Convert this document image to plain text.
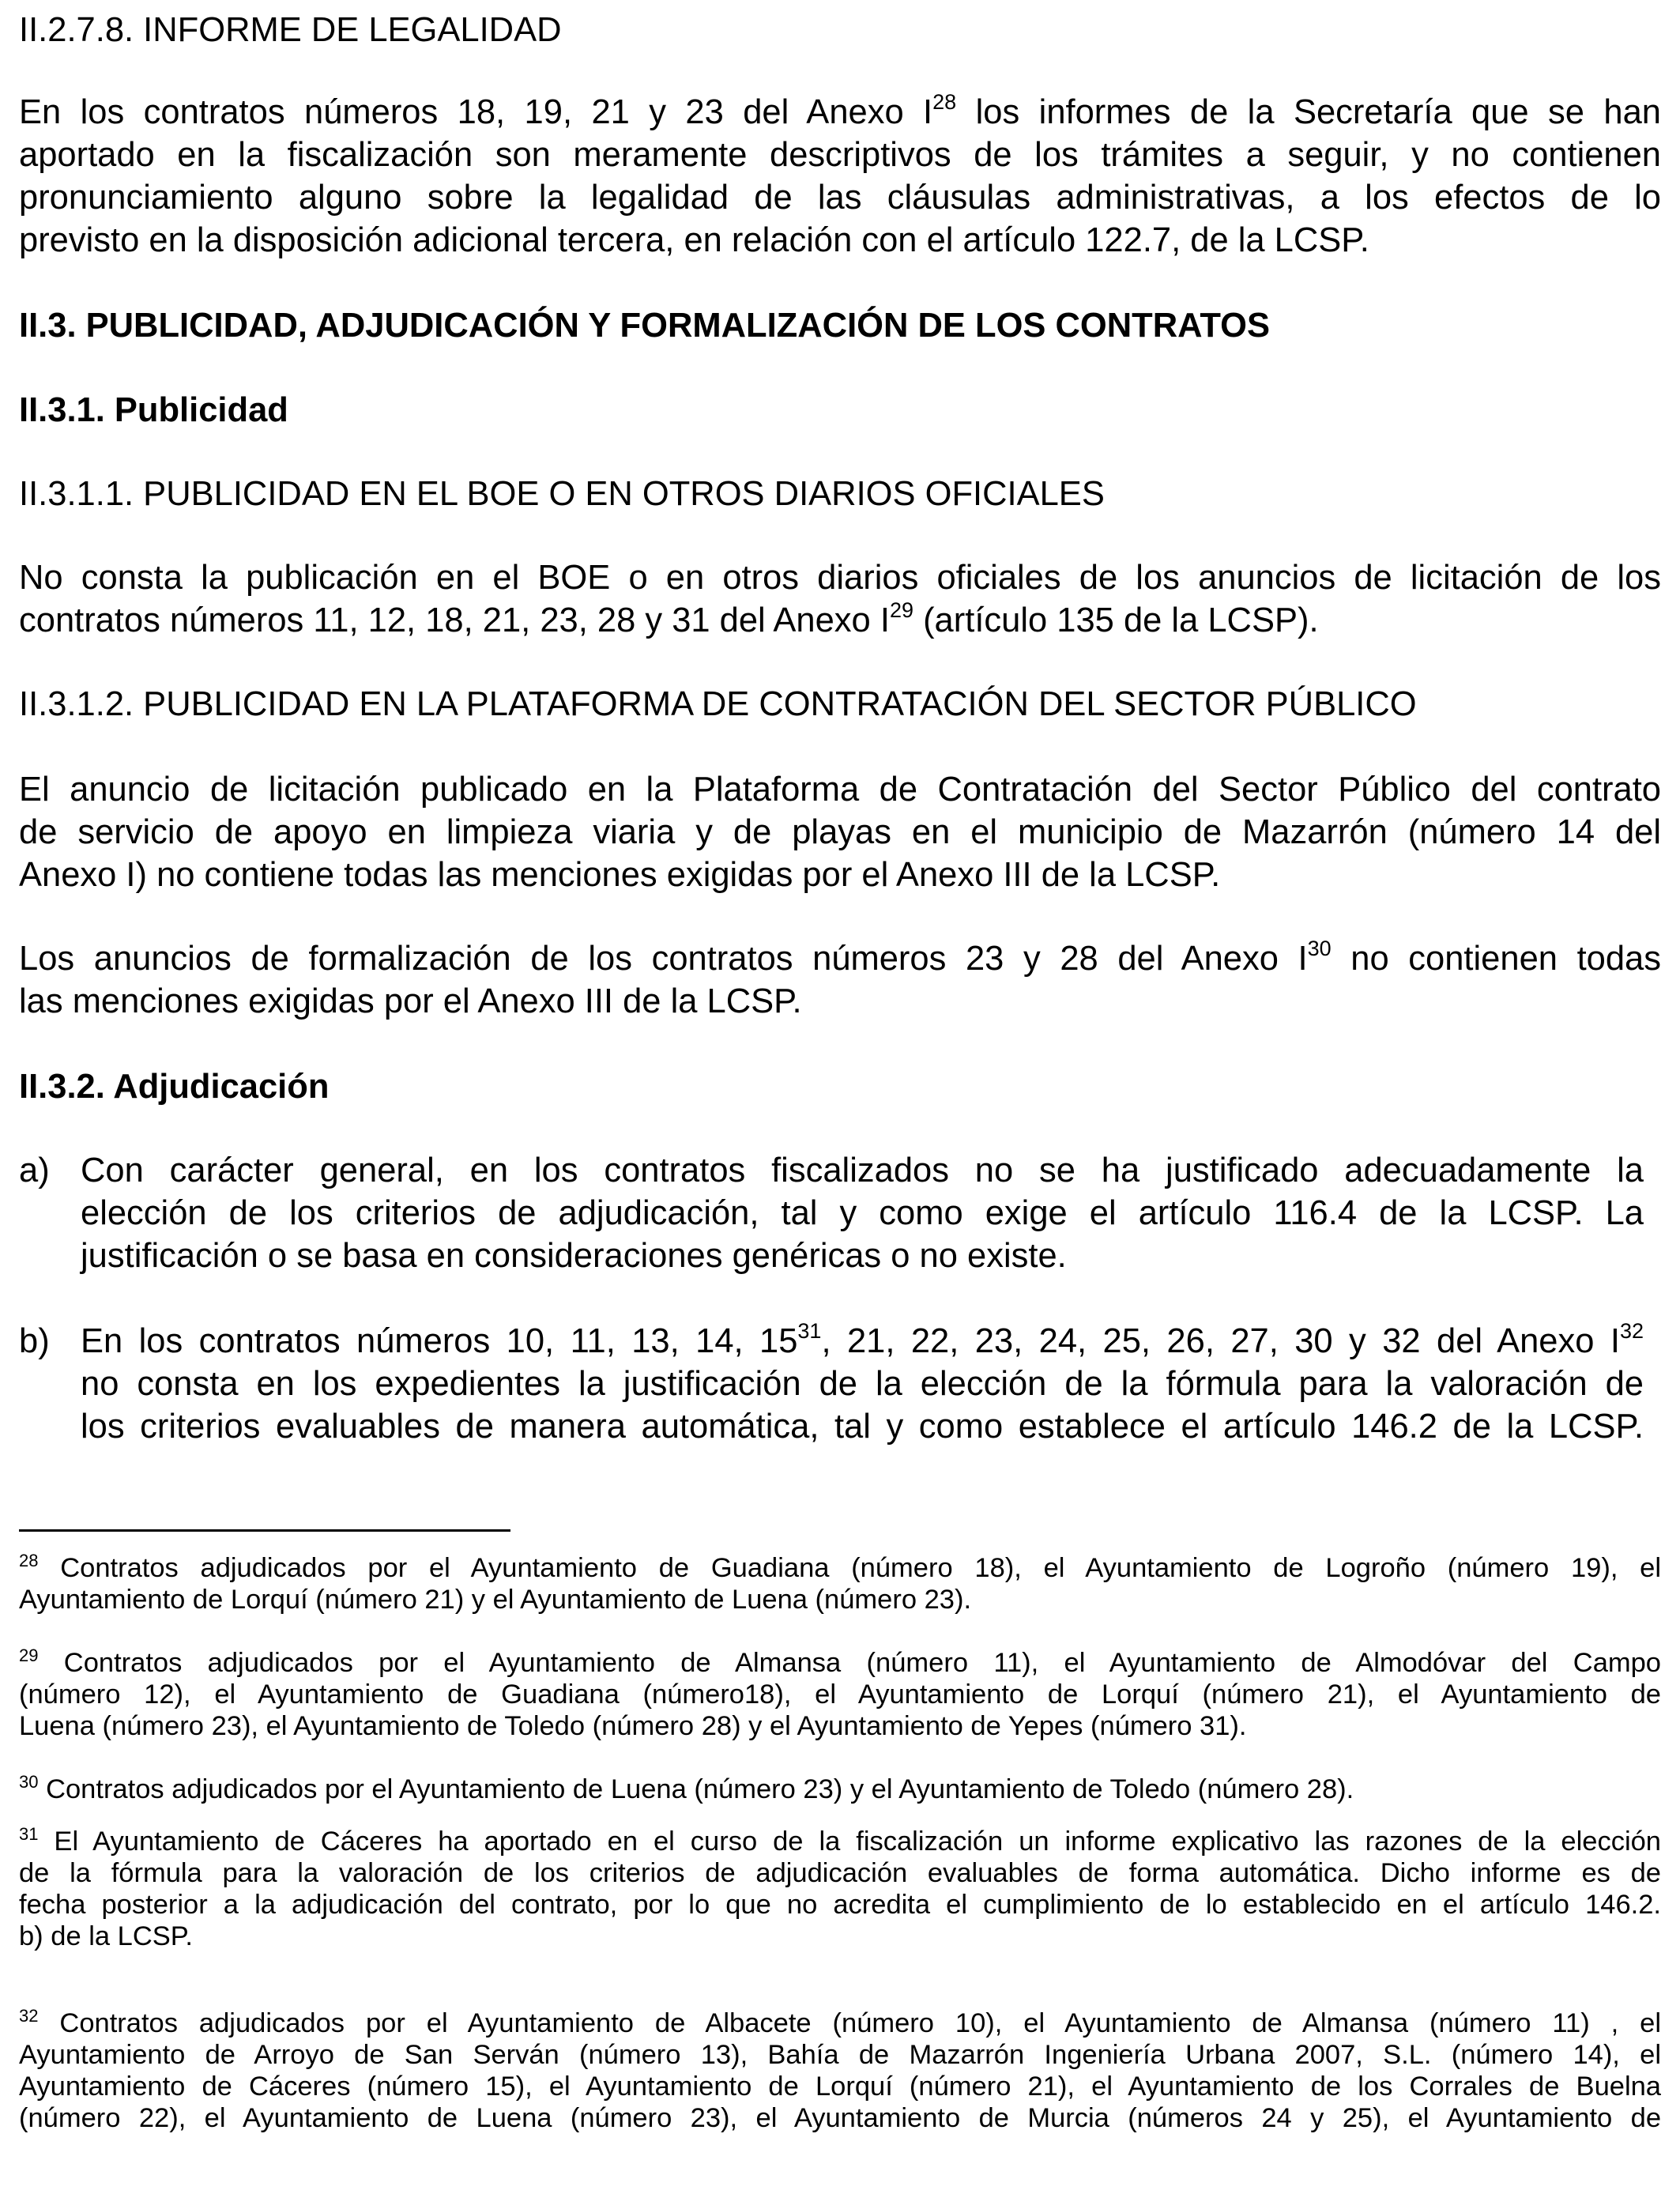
II.2.7.8. INFORME DE LEGALIDAD
En los contratos números 18, 19, 21 y 23 del Anexo $I^{28}$ los informes de la Secretaría que se han
aportado en la fiscalización son meramente descriptivos de los trámites a seguir, y no contienen
pronunciamiento alguno sobre la legalidad de las cláusulas administrativas, a los efectos de lo
previsto en la disposición adicional tercera, en relación con el artículo 122.7, de la LCSP.
II.3. PUBLICIDAD, ADJUDICACIÓN Y FORMALIZACIÓN DE LOS CONTRATOS
II.3.1. Publicidad
II.3.1.1. PUBLICIDAD EN EL BOE O EN OTROS DIARIOS OFICIALES
No consta la publicación en el BOE o en otros diarios oficiales de los anuncios de licitación de los
contratos números 11, 12, 18, 21, 23, 28 y 31 del Anexo $I^{29}$ (artículo 135 de la LCSP).
II.3.1.2. PUBLICIDAD EN LA PLATAFORMA DE CONTRATACIÓN DEL SECTOR PÚBLICO
El anuncio de licitación publicado en la Plataforma de Contratación del Sector Público del contrato
de servicio de apoyo en limpieza viaria y de playas en el municipio de Mazarrón (número 14 del
Anexo I) no contiene todas las menciones exigidas por el Anexo III de la LCSP.
Los anuncios de formalización de los contratos números 23 y 28 del Anexo $I^{30}$ no contienen todas
las menciones exigidas por el Anexo III de la LCSP.
II.3.2. Adjudicación
a) Con carácter general, en los contratos fiscalizados no se ha justificado adecuadamente la
elección de los criterios de adjudicación, tal y como exige el artículo 116.4 de la LCSP. La
justificación o se basa en consideraciones genéricas o no existe.
b) En los contratos números 10, 11, 13, 14, $15^{31}$, 21, 22, 23, 24, 25, 26, 27, 30 y 32 del Anexo $I^{32}$
no consta en los expedientes la justificación de la elección de la fórmula para la valoración de
los criterios evaluables de manera automática, tal y como establece el artículo 146.2 de la LCSP.
$^{28}$ Contratos adjudicados por el Ayuntamiento de Guadiana (número 18), el Ayuntamiento de Logroño (número 19), el
Ayuntamiento de Lorquí (número 21) y el Ayuntamiento de Luena (número 23).
$^{29}$ Contratos adjudicados por el Ayuntamiento de Almansa (número 11), el Ayuntamiento de Almodóvar del Campo
(número 12), el Ayuntamiento de Guadiana (número18), el Ayuntamiento de Lorquí (número 21), el Ayuntamiento de
Luena (número 23), el Ayuntamiento de Toledo (número 28) y el Ayuntamiento de Yepes (número 31).
$^{30}$ Contratos adjudicados por el Ayuntamiento de Luena (número 23) y el Ayuntamiento de Toledo (número 28).
$^{31}$ El Ayuntamiento de Cáceres ha aportado en el curso de la fiscalización un informe explicativo las razones de la elección
de la fórmula para la valoración de los criterios de adjudicación evaluables de forma automática. Dicho informe es de
fecha posterior a la adjudicación del contrato, por lo que no acredita el cumplimiento de lo establecido en el artículo 146.2.
b) de la LCSP.
$^{32}$ Contratos adjudicados por el Ayuntamiento de Albacete (número 10), el Ayuntamiento de Almansa (número 11) , el
Ayuntamiento de Arroyo de San Serván (número 13), Bahía de Mazarrón Ingeniería Urbana 2007, S.L. (número 14), el
Ayuntamiento de Cáceres (número 15), el Ayuntamiento de Lorquí (número 21), el Ayuntamiento de los Corrales de Buelna
(número 22), el Ayuntamiento de Luena (número 23), el Ayuntamiento de Murcia (números 24 y 25), el Ayuntamiento de
